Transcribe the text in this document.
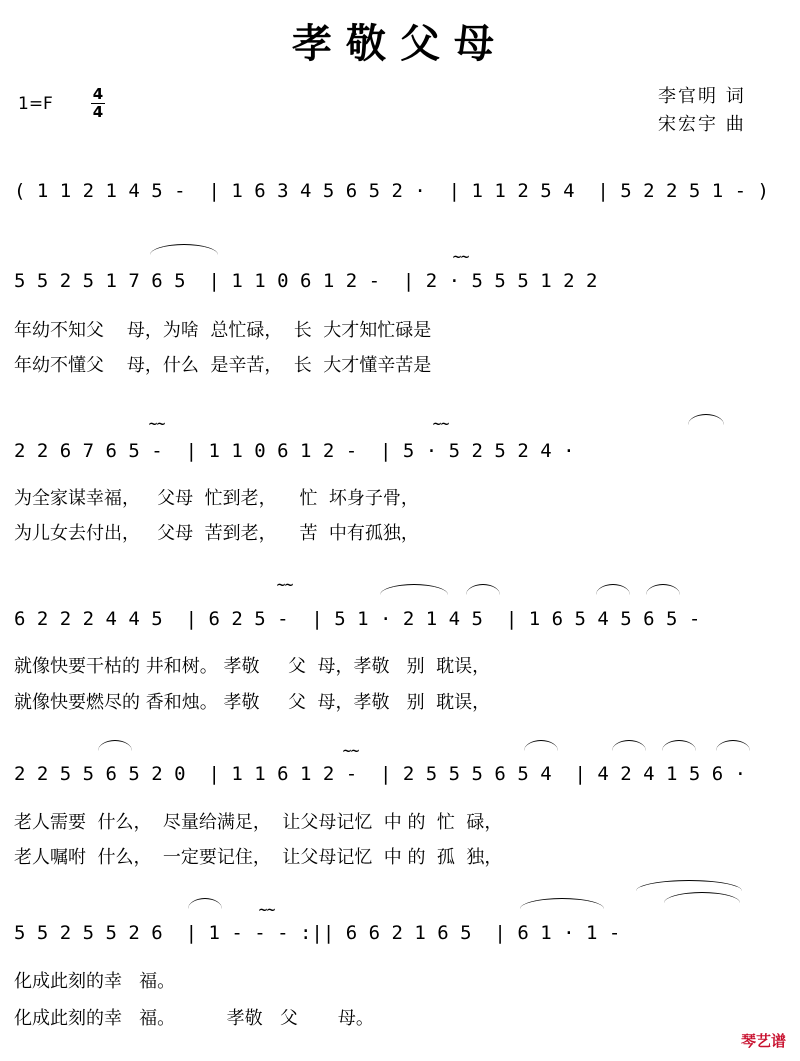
孝敬父母
1=F	4
4
李官明 词
宋宏宇 曲
( 1 1 2 1 4 5 -  | 1 6 3 4 5 6 5 2 ·  | 1 1 2 5 4  | 5 2 2 5 1 - )
5 5 2 5 1 7 6 5  | 1 1 0 6 1 2 -  | 2 · 5 5 5 1 2 2
年幼不知父    母，为啥  总忙碌，  长  大才知忙碌是
年幼不懂父    母，什么  是辛苦，  长  大才懂辛苦是
2 2 6 7 6 5 -  | 1 1 0 6 1 2 -  | 5 · 5 2 5 2 4 ·
为全家谋幸福，   父母  忙到老，    忙  坏身子骨，
为儿女去付出，   父母  苦到老，    苦  中有孤独，
6 2 2 2 4 4 5  | 6 2 5 -  | 5 1 · 2 1 4 5  | 1 6 5 4 5 6 5 -
就像快要干枯的 井和树。 孝敬     父  母，孝敬   别  耽误，
就像快要燃尽的 香和烛。 孝敬     父  母，孝敬   别  耽误，
2 2 5 5 6 5 2 0  | 1 1 6 1 2 -  | 2 5 5 5 6 5 4  | 4 2 4 1 5 6 ·
老人需要  什么，  尽量给满足，  让父母记忆  中 的  忙  碌，
老人嘱咐  什么，  一定要记住，  让父母记忆  中 的  孤  独，
5 5 2 5 5 2 6  | 1 - - - :|| 6 6 2 1 6 5  | 6 1 · 1 -
化成此刻的幸   福。
化成此刻的幸   福。         孝敬   父       母。
~~
~~	~~
~~
~~
~~
琴艺谱
